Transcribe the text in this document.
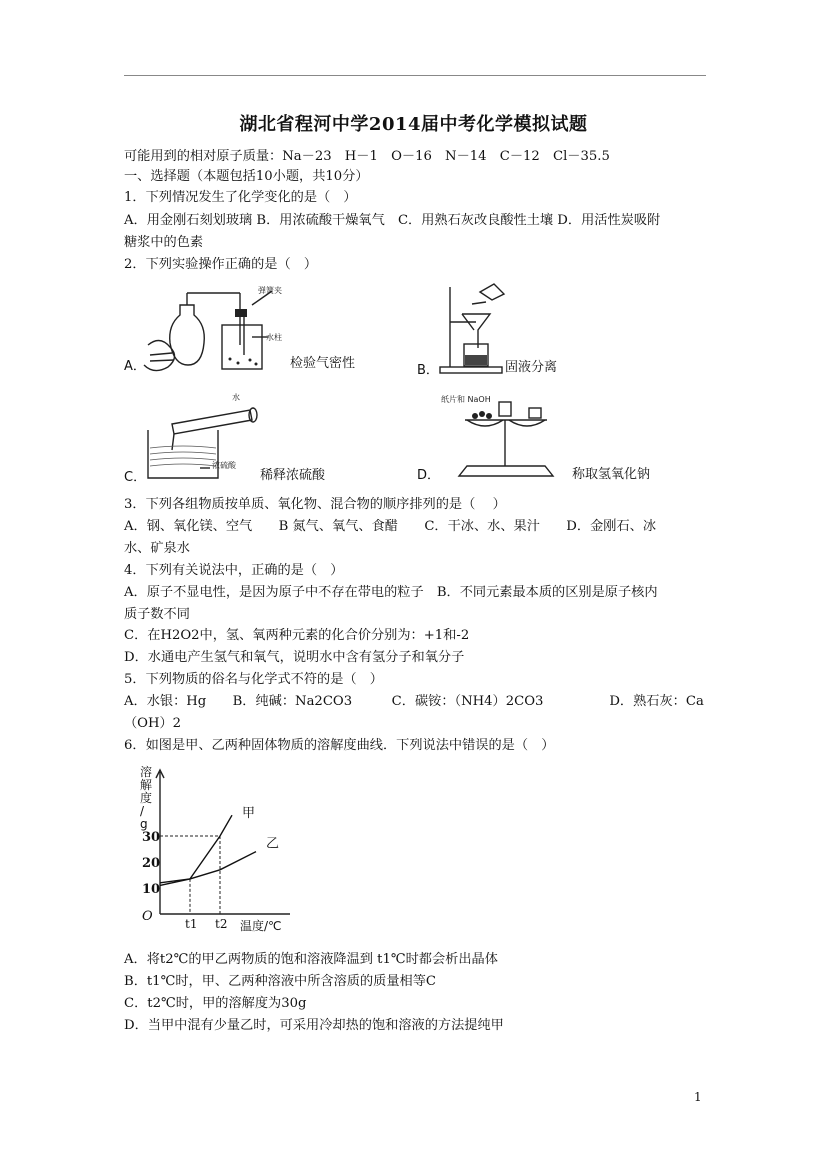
湖北省程河中学2014届中考化学模拟试题
可能用到的相对原子质量：Na－23　H－1　O－16　N－14　C－12　Cl－35.5
一、选择题（本题包括10小题，共10分）
1．下列情况发生了化学变化的是（　）
A．用金刚石刻划玻璃 B．用浓硫酸干燥氧气　C．用熟石灰改良酸性土壤 D．用活性炭吸附
糖浆中的色素
2．下列实验操作正确的是（　）
弹簧夹
水柱
A．	检验气密性	B．	固液分离
水
浓硫酸
C．	稀释浓硫酸
纸片和 NaOH
D．	称取氢氧化钠
3．下列各组物质按单质、氧化物、混合物的顺序排列的是（　 ）
A．钢、氧化镁、空气　　B 氮气、氧气、食醋　　C．干冰、水、果汁　　D．金刚石、冰
水、矿泉水
4．下列有关说法中，正确的是（　）
A．原子不显电性，是因为原子中不存在带电的粒子　B．不同元素最本质的区别是原子核内
质子数不同
C．在H2O2中，氢、氧两种元素的化合价分别为：+1和-2
D．水通电产生氢气和氧气，说明水中含有氢分子和氧分子
5．下列物质的俗名与化学式不符的是（　）
A．水银：Hg　　B．纯碱：Na2CO3　　　C．碳铵：（NH4）2CO3　　　　　D．熟石灰：Ca
（OH）2
6．如图是甲、乙两种固体物质的溶解度曲线．下列说法中错误的是（　）
甲
乙
10
20
30
t1 t2
O
温度/℃
溶解度/ g
A．将t2℃的甲乙两物质的饱和溶液降温到 t1℃时都会析出晶体
B．t1℃时，甲、乙两种溶液中所含溶质的质量相等C
C．t2℃时，甲的溶解度为30g
D．当甲中混有少量乙时，可采用冷却热的饱和溶液的方法提纯甲
1
